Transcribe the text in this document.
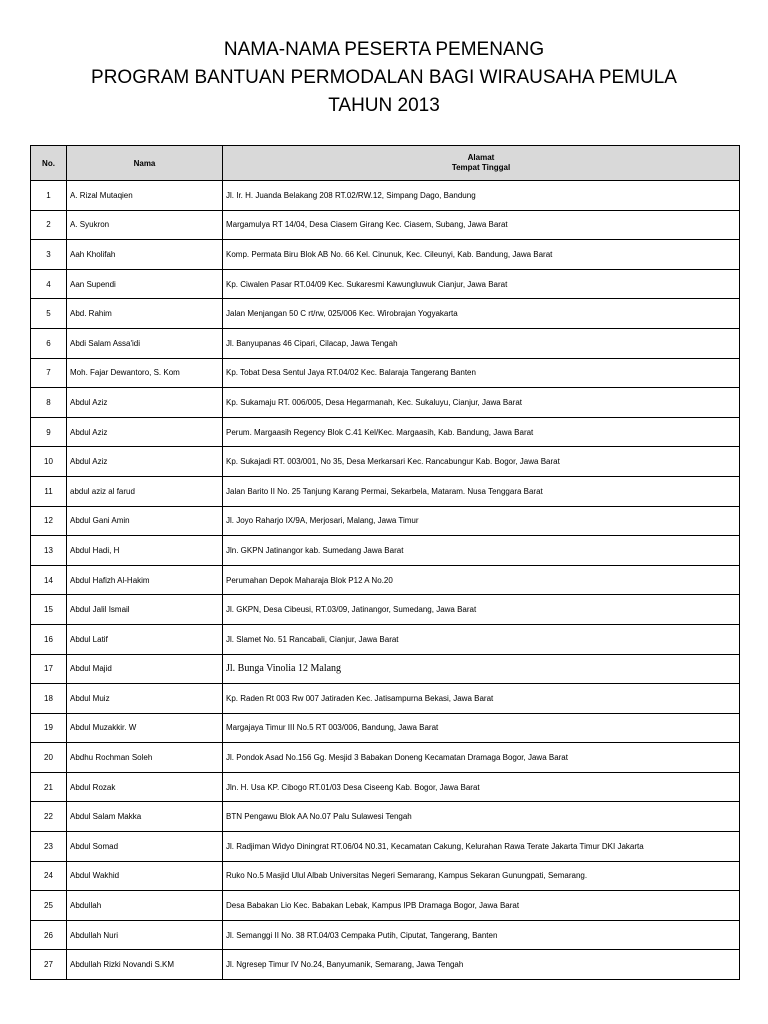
NAMA-NAMA PESERTA PEMENANG
PROGRAM BANTUAN PERMODALAN BAGI WIRAUSAHA PEMULA
TAHUN 2013
No.	Nama	Alamat
Tempat Tinggal

1	A. Rizal Mutaqien	Jl. Ir. H. Juanda Belakang 208 RT.02/RW.12, Simpang Dago, Bandung
2	A. Syukron	Margamulya RT 14/04, Desa Ciasem Girang Kec. Ciasem, Subang, Jawa Barat
3	Aah Kholifah	Komp. Permata Biru Blok AB No. 66 Kel. Cinunuk, Kec. Cileunyi, Kab. Bandung, Jawa Barat
4	Aan Supendi	Kp. Ciwalen Pasar RT.04/09 Kec. Sukaresmi Kawungluwuk Cianjur, Jawa Barat
5	Abd. Rahim	Jalan Menjangan 50 C rt/rw, 025/006 Kec. Wirobrajan Yogyakarta
6	Abdi Salam Assa'idi	Jl. Banyupanas 46 Cipari, Cilacap, Jawa Tengah
7	Moh. Fajar Dewantoro, S. Kom	Kp. Tobat Desa Sentul Jaya RT.04/02 Kec. Balaraja Tangerang Banten
8	Abdul Aziz	Kp. Sukamaju RT. 006/005, Desa Hegarmanah, Kec. Sukaluyu, Cianjur, Jawa Barat
9	Abdul Aziz	Perum. Margaasih Regency Blok C.41 Kel/Kec. Margaasih, Kab. Bandung, Jawa Barat
10	Abdul Aziz	Kp. Sukajadi RT. 003/001, No 35, Desa Merkarsari Kec. Rancabungur Kab. Bogor, Jawa Barat
11	abdul aziz al farud	Jalan Barito II No. 25 Tanjung Karang Permai, Sekarbela, Mataram. Nusa Tenggara Barat
12	Abdul Gani Amin	Jl. Joyo Raharjo IX/9A, Merjosari, Malang, Jawa Timur
13	Abdul Hadi, H	Jln. GKPN Jatinangor kab. Sumedang Jawa Barat
14	Abdul Hafizh Al-Hakim	Perumahan Depok Maharaja Blok P12 A No.20
15	Abdul Jalil Ismail	Jl. GKPN, Desa Cibeusi, RT.03/09, Jatinangor, Sumedang, Jawa Barat
16	Abdul Latif	Jl. Slamet No. 51 Rancabali, Cianjur, Jawa Barat
17	Abdul Majid	Jl. Bunga Vinolia 12 Malang
18	Abdul Muiz	Kp. Raden Rt 003 Rw 007 Jatiraden Kec. Jatisampurna Bekasi, Jawa Barat
19	Abdul Muzakkir. W	Margajaya Timur III No.5 RT 003/006, Bandung, Jawa Barat
20	Abdhu Rochman Soleh	Jl. Pondok Asad No.156 Gg. Mesjid 3 Babakan Doneng Kecamatan Dramaga Bogor, Jawa Barat
21	Abdul Rozak	Jln. H. Usa KP. Cibogo RT.01/03 Desa Ciseeng Kab. Bogor, Jawa Barat
22	Abdul Salam Makka	BTN Pengawu Blok AA No.07 Palu Sulawesi Tengah
23	Abdul Somad	Jl. Radjiman Widyo Diningrat RT.06/04 N0.31, Kecamatan Cakung, Kelurahan Rawa Terate Jakarta Timur DKI Jakarta
24	Abdul Wakhid	Ruko No.5 Masjid Ulul Albab Universitas Negeri Semarang, Kampus Sekaran Gunungpati, Semarang.
25	Abdullah	Desa Babakan Lio Kec. Babakan Lebak, Kampus IPB Dramaga Bogor, Jawa Barat
26	Abdullah Nuri	Jl. Semanggi II No. 38 RT.04/03 Cempaka Putih, Ciputat, Tangerang, Banten
27	Abdullah Rizki Novandi S.KM	Jl. Ngresep Timur IV No.24, Banyumanik, Semarang, Jawa Tengah
